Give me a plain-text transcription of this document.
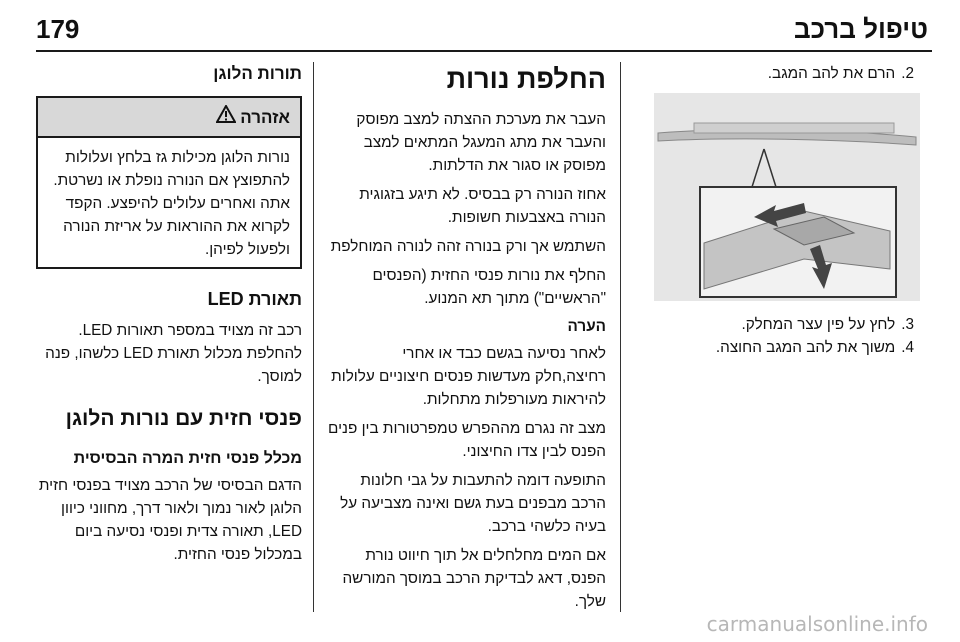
179	טיפול ברכב
תורות הלוגן
אזהרה
נורות הלוגן מכילות גז בלחץ ועלולות להתפוצץ אם הנורה נופלת או נשרטת. אתה ואחרים עלולים להיפצע. הקפד לקרוא את ההוראות על אריזת הנורה ולפעול לפיהן.
תאורת LED

רכב זה מצויד במספר תאורות LED. להחלפת מכלול תאורת LED כלשהו, פנה למוסך.

פנסי חזית עם נורות הלוגן
מכלל פנסי חזית המרה הבסיסית

הדגם הבסיסי של הרכב מצויד בפנסי חזית הלוגן לאור נמוך ולאור דרך, מחווני כיוון LED, תאורה צדית ופנסי נסיעה ביום במכלול פנסי החזית.

החלפת נורות

העבר את מערכת ההצתה למצב מפוסק והעבר את מתג המעגל המתאים למצב מפוסק או סגור את הדלתות.

אחוז הנורה רק בבסיס. לא תיגע בזגוגית הנורה באצבעות חשופות.

השתמש אך ורק בנורה זהה לנורה המוחלפת

החלף את נורות פנסי החזית (הפנסים "הראשיים") מתוך תא המנוע.

הערה

לאחר נסיעה בגשם כבד או אחרי רחיצה,חלק מעדשות פנסים חיצוניים עלולות להיראות מעורפלות מתחלות.

מצב זה נגרם מההפרש טמפרטורות בין פנים הפנס לבין צדו החיצוני.

התופעה דומה להתעבות על גבי חלונות הרכב מבפנים בעת גשם ואינה מצביעה על בעיה כלשהי ברכב.

אם המים מחלחלים אל תוך חיווט נורת הפנס, דאג לבדיקת הרכב במוסך המורשה שלך.

2.
הרם את להב המגב.
3.
לחץ על פין עצר המחלק.
4.
משוך את להב המגב החוצה.
carmanualsonline.info
